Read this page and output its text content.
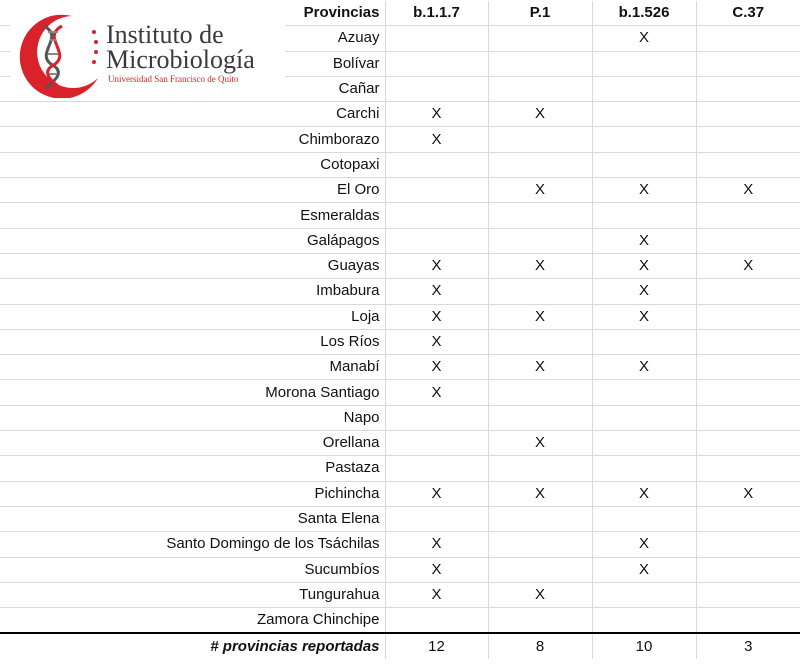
Provincias	b.1.1.7	P.1	b.1.526	C.37
Azuay			X	
Bolívar				
Cañar				
Carchi	X	X		
Chimborazo	X			
Cotopaxi				
El Oro		X	X	X
Esmeraldas				
Galápagos			X	
Guayas	X	X	X	X
Imbabura	X		X	
Loja	X	X	X	
Los Ríos	X			
Manabí	X	X	X	
Morona Santiago	X			
Napo				
Orellana		X		
Pastaza				
Pichincha	X	X	X	X
Santa Elena				
Santo Domingo de los Tsáchilas	X		X	
Sucumbíos	X		X	
Tungurahua	X	X		
Zamora Chinchipe				
# provincias reportadas	12	8	10	3
Instituto de
Microbiología
Universidad San Francisco de Quito
